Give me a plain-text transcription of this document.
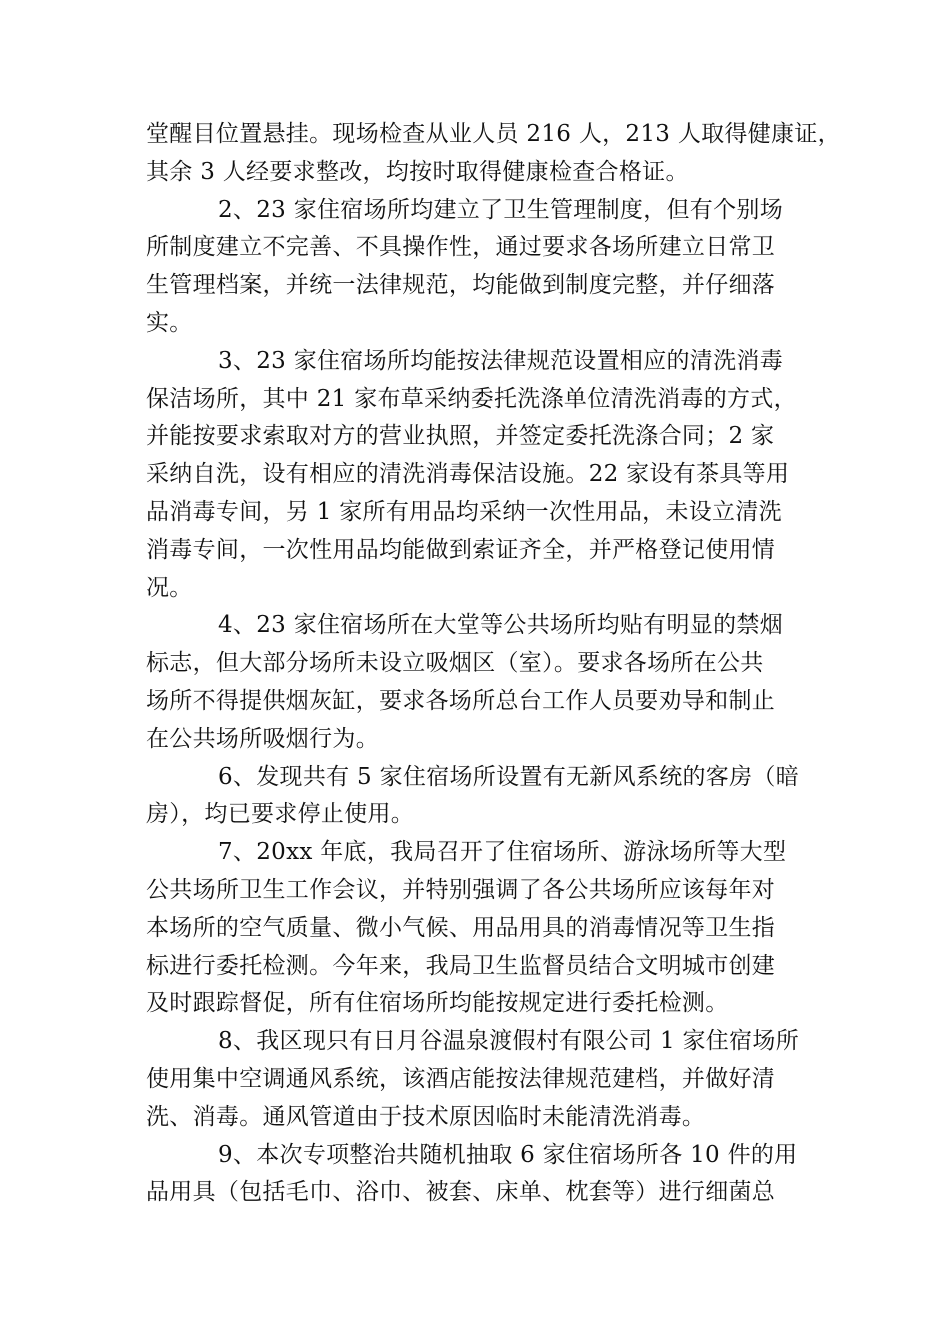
堂醒目位置悬挂。现场检查从业人员 216 人，213 人取得健康证，
其余 3 人经要求整改，均按时取得健康检查合格证。
2、23 家住宿场所均建立了卫生管理制度，但有个别场
所制度建立不完善、不具操作性，通过要求各场所建立日常卫
生管理档案，并统一法律规范，均能做到制度完整，并仔细落
实。
3、23 家住宿场所均能按法律规范设置相应的清洗消毒
保洁场所，其中 21 家布草采纳委托洗涤单位清洗消毒的方式，
并能按要求索取对方的营业执照，并签定委托洗涤合同；2 家
采纳自洗，设有相应的清洗消毒保洁设施。22 家设有茶具等用
品消毒专间，另 1 家所有用品均采纳一次性用品，未设立清洗
消毒专间，一次性用品均能做到索证齐全，并严格登记使用情
况。
4、23 家住宿场所在大堂等公共场所均贴有明显的禁烟
标志，但大部分场所未设立吸烟区（室）。要求各场所在公共
场所不得提供烟灰缸，要求各场所总台工作人员要劝导和制止
在公共场所吸烟行为。
6、发现共有 5 家住宿场所设置有无新风系统的客房（暗
房），均已要求停止使用。
7、20xx 年底，我局召开了住宿场所、游泳场所等大型
公共场所卫生工作会议，并特别强调了各公共场所应该每年对
本场所的空气质量、微小气候、用品用具的消毒情况等卫生指
标进行委托检测。今年来，我局卫生监督员结合文明城市创建
及时跟踪督促，所有住宿场所均能按规定进行委托检测。
8、我区现只有日月谷温泉渡假村有限公司 1 家住宿场所
使用集中空调通风系统，该酒店能按法律规范建档，并做好清
洗、消毒。通风管道由于技术原因临时未能清洗消毒。
9、本次专项整治共随机抽取 6 家住宿场所各 10 件的用
品用具（包括毛巾、浴巾、被套、床单、枕套等）进行细菌总
